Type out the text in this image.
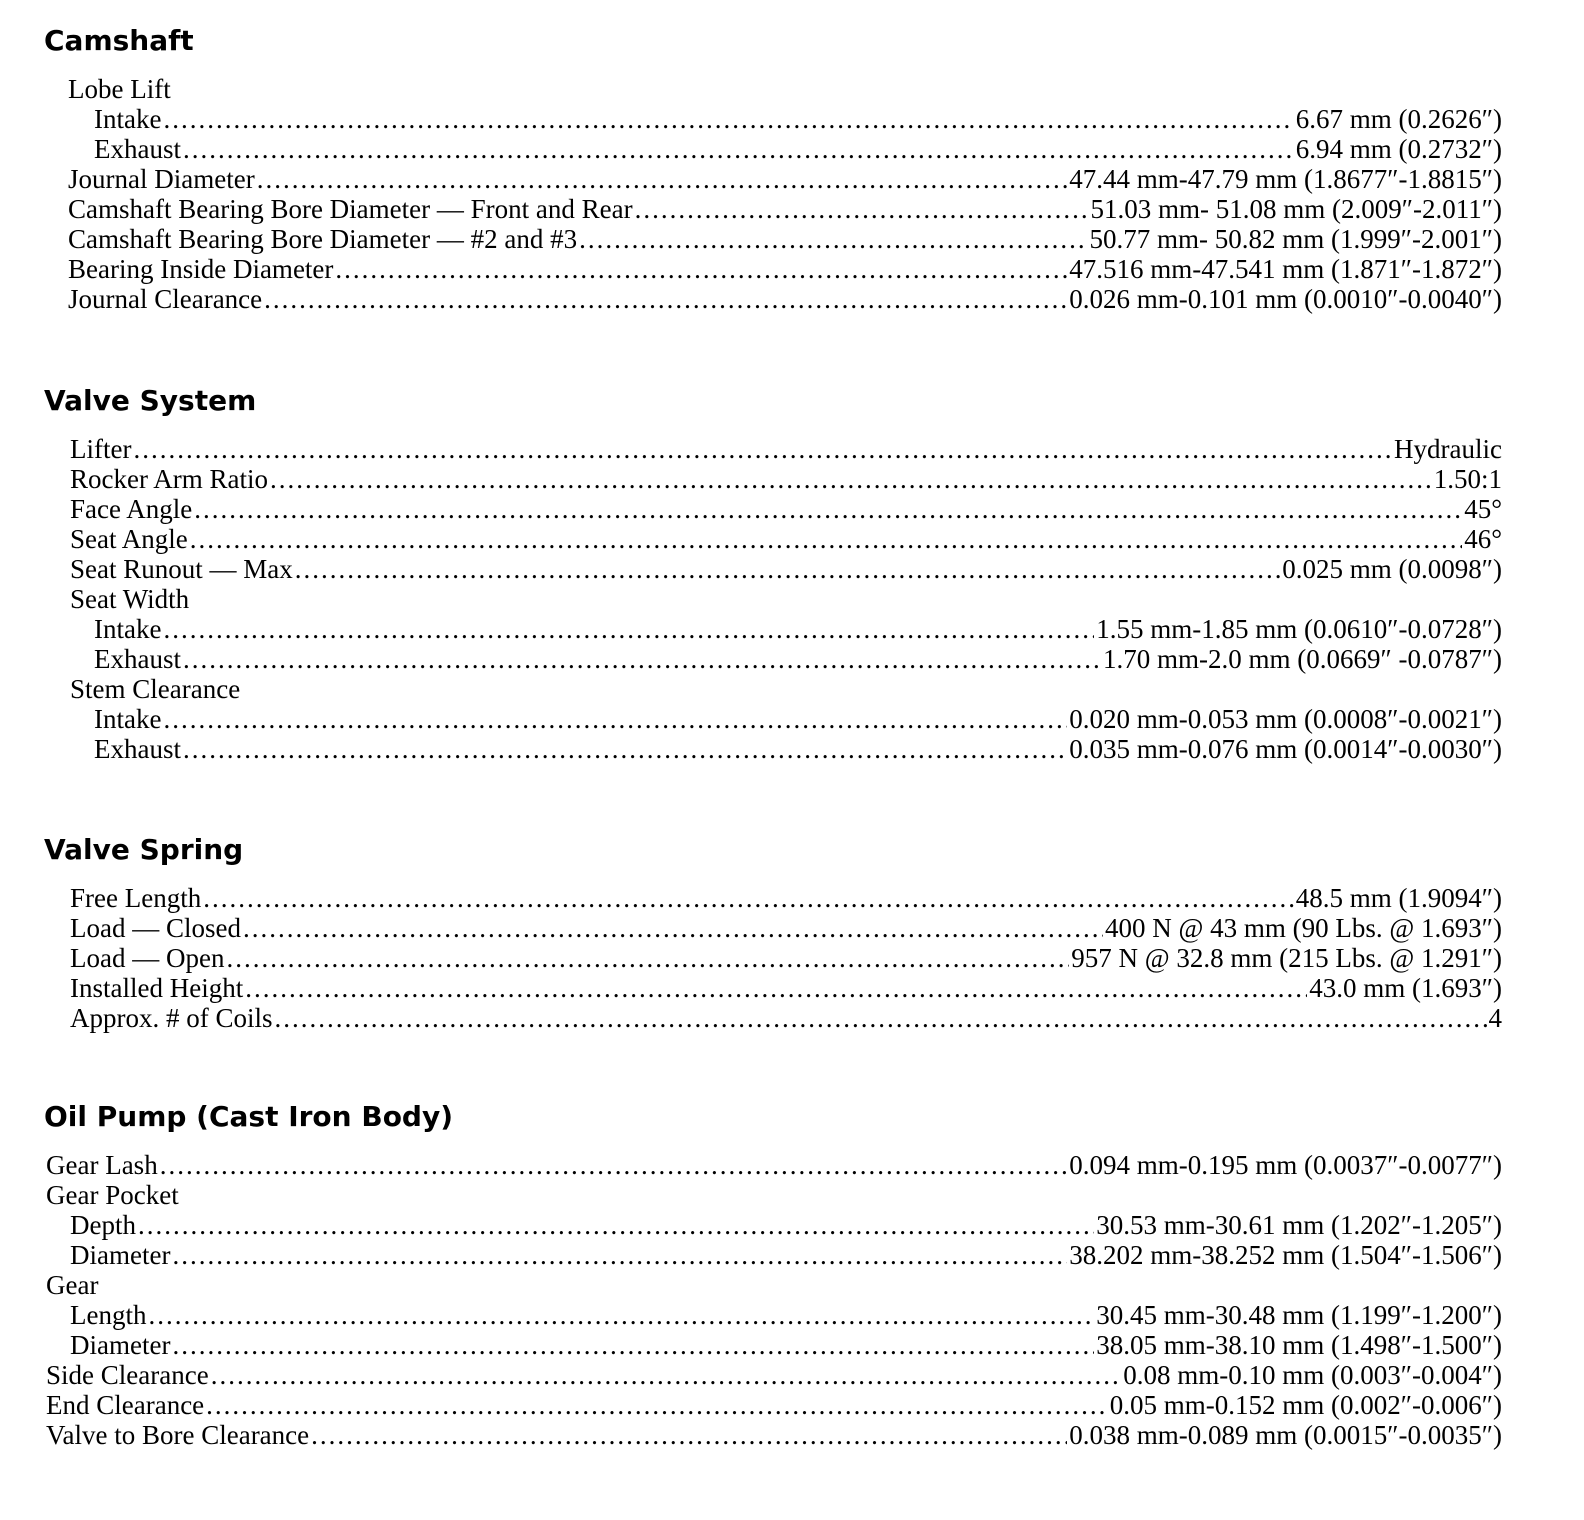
Camshaft
Lobe Lift
Intake .....	6.67 mm (0.2626″)
Exhaust .....	6.94 mm (0.2732″)
Journal Diameter .....	47.44 mm-47.79 mm (1.8677″-1.8815″)
Camshaft Bearing Bore Diameter — Front and Rear .....	51.03 mm- 51.08 mm (2.009″-2.011″)
Camshaft Bearing Bore Diameter — #2 and #3 .....	50.77 mm- 50.82 mm (1.999″-2.001″)
Bearing Inside Diameter .....	47.516 mm-47.541 mm (1.871″-1.872″)
Journal Clearance .....	0.026 mm-0.101 mm (0.0010″-0.0040″)
Valve System
Lifter .....	Hydraulic
Rocker Arm Ratio .....	1.50:1
Face Angle .....	45°
Seat Angle .....	46°
Seat Runout — Max .....	0.025 mm (0.0098″)
Seat Width
Intake .....	1.55 mm-1.85 mm (0.0610″-0.0728″)
Exhaust .....	1.70 mm-2.0 mm (0.0669″ -0.0787″)
Stem Clearance
Intake .....	0.020 mm-0.053 mm (0.0008″-0.0021″)
Exhaust .....	0.035 mm-0.076 mm (0.0014″-0.0030″)
Valve Spring
Free Length .....	48.5 mm (1.9094″)
Load — Closed .....	400 N @ 43 mm (90 Lbs. @ 1.693″)
Load — Open .....	957 N @ 32.8 mm (215 Lbs. @ 1.291″)
Installed Height .....	43.0 mm (1.693″)
Approx. # of Coils .....	4
Oil Pump (Cast Iron Body)
Gear Lash .....	0.094 mm-0.195 mm (0.0037″-0.0077″)
Gear Pocket
Depth .....	30.53 mm-30.61 mm (1.202″-1.205″)
Diameter .....	38.202 mm-38.252 mm (1.504″-1.506″)
Gear
Length .....	30.45 mm-30.48 mm (1.199″-1.200″)
Diameter .....	38.05 mm-38.10 mm (1.498″-1.500″)
Side Clearance .....	0.08 mm-0.10 mm (0.003″-0.004″)
End Clearance .....	0.05 mm-0.152 mm (0.002″-0.006″)
Valve to Bore Clearance .....	0.038 mm-0.089 mm (0.0015″-0.0035″)
